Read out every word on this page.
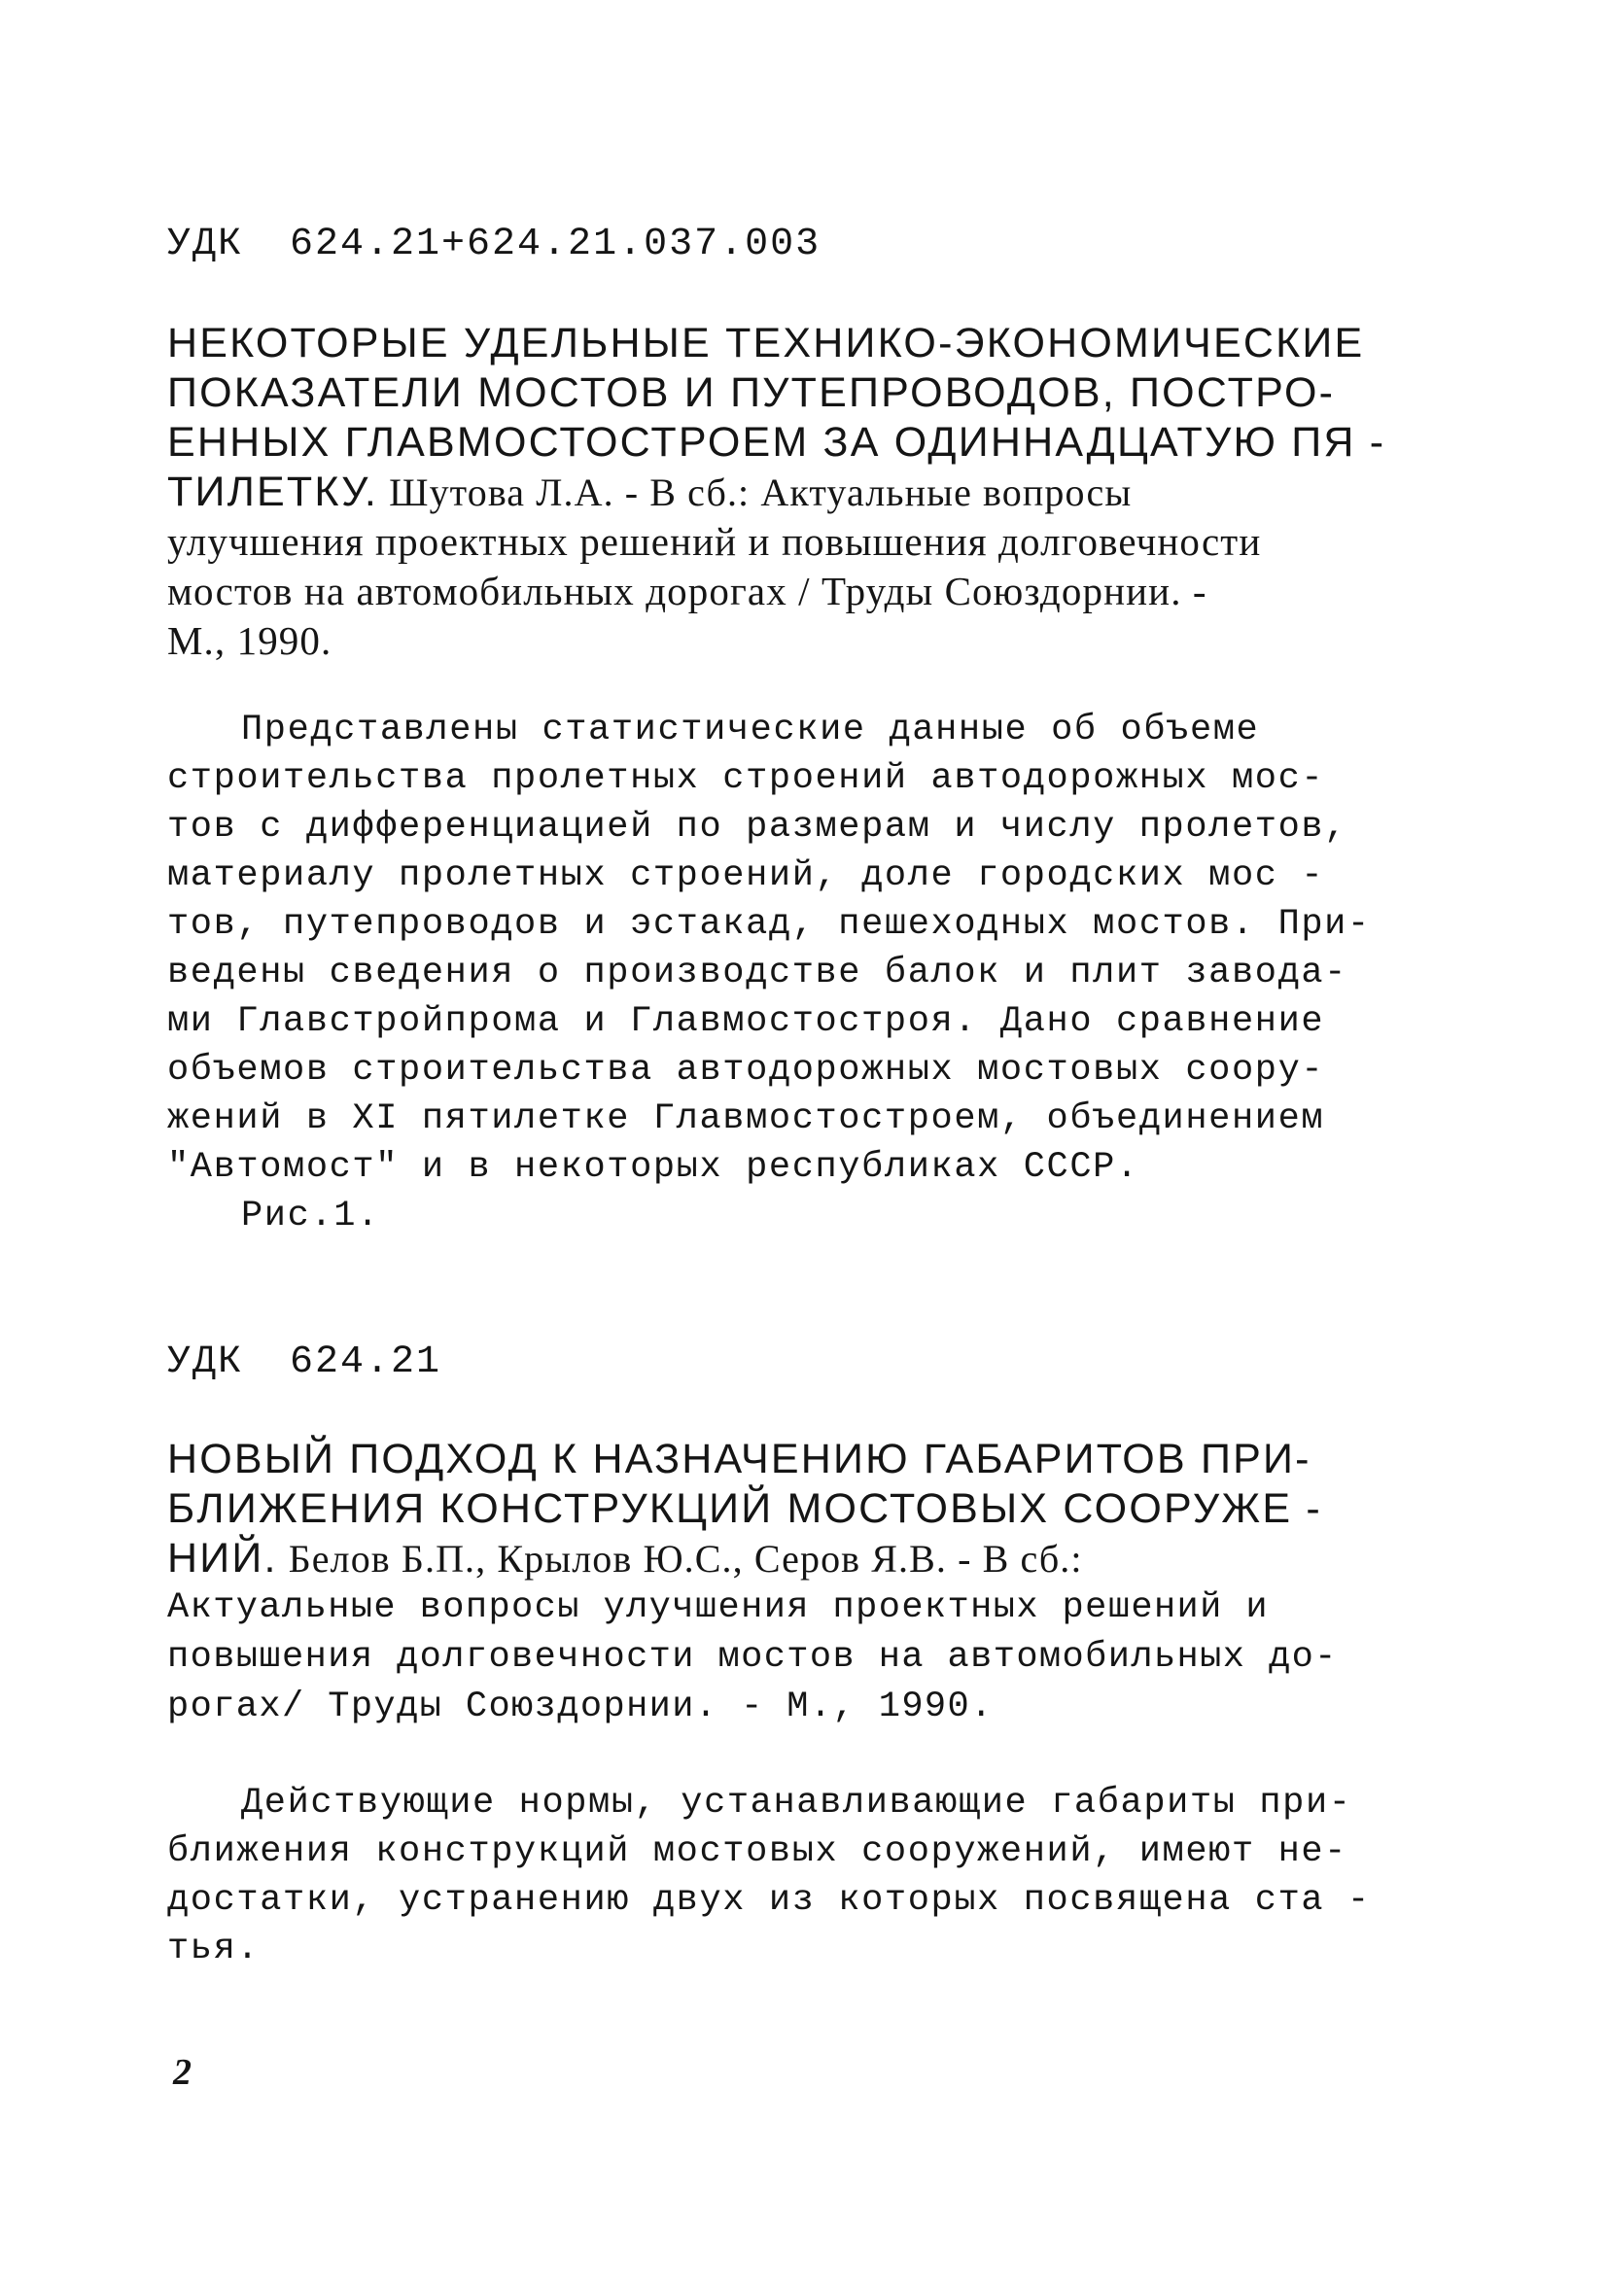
УДК 624.21+624.21.037.003
НЕКОТОРЫЕ УДЕЛЬНЫЕ ТЕХНИКО-ЭКОНОМИЧЕСКИЕ
ПОКАЗАТЕЛИ МОСТОВ И ПУТЕПРОВОДОВ, ПОСТРО-
ЕННЫХ ГЛАВМОСТОСТРОЕМ ЗА ОДИННАДЦАТУЮ ПЯ -
ТИЛЕТКУ. Шутова Л.А. - В сб.: Актуальные вопросы
улучшения проектных решений и повышения долговечности
мостов на автомобильных дорогах / Труды Союздорнии. -
М., 1990.
Представлены статистические данные об объеме
строительства пролетных строений автодорожных мос-
тов с дифференциацией по размерам и числу пролетов,
материалу пролетных строений, доле городских мос -
тов, путепроводов и эстакад, пешеходных мостов. При-
ведены сведения о производстве балок и плит завода-
ми Главстройпрома и Главмостостроя. Дано сравнение
объемов строительства автодорожных мостовых соору-
жений в XI пятилетке Главмостостроем, объединением
"Автомост" и в некоторых республиках СССР.
Рис.1.
УДК 624.21
НОВЫЙ ПОДХОД К НАЗНАЧЕНИЮ ГАБАРИТОВ ПРИ-
БЛИЖЕНИЯ КОНСТРУКЦИЙ МОСТОВЫХ СООРУЖЕ -
НИЙ. Белов Б.П., Крылов Ю.С., Серов Я.В. - В сб.:
Актуальные вопросы улучшения проектных решений и
повышения долговечности мостов на автомобильных до-
рогах/ Труды Союздорнии. - М., 1990.
Действующие нормы, устанавливающие габариты при-
ближения конструкций мостовых сооружений, имеют не-
достатки, устранению двух из которых посвящена ста -
тья.
2
